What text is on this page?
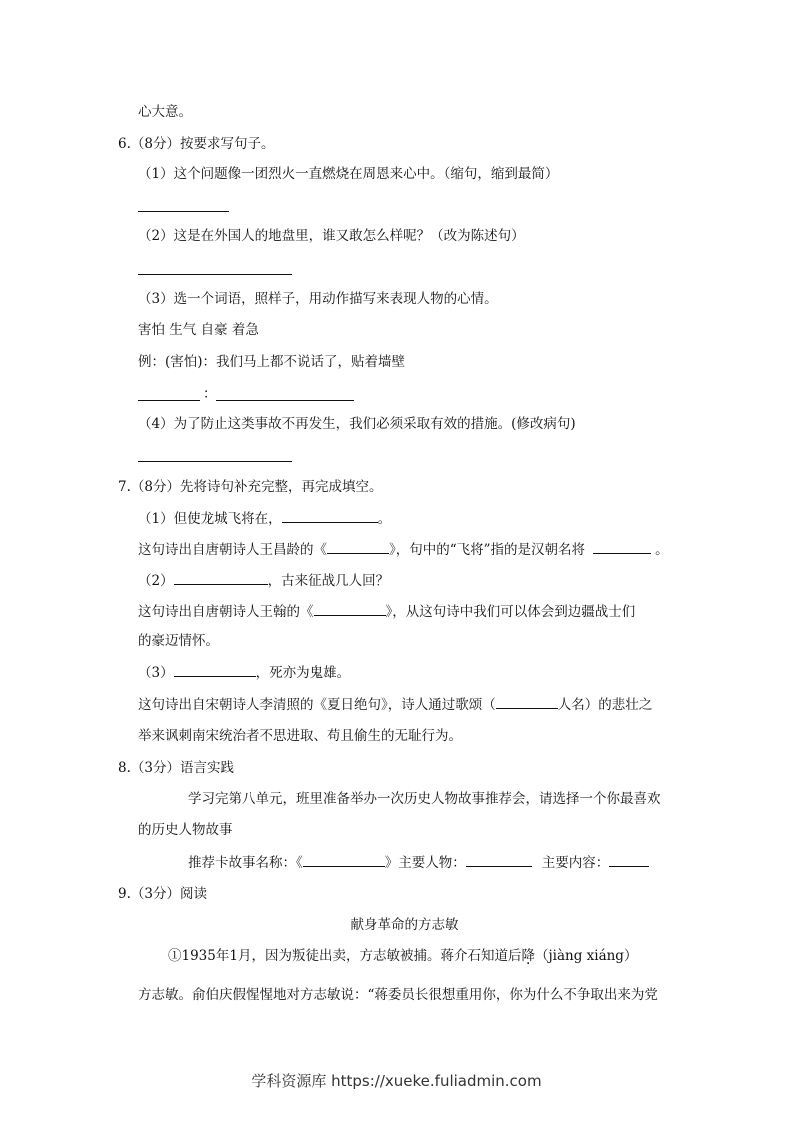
心大意。
6.（8分）按要求写句子。
（1）这个问题像一团烈火一直燃烧在周恩来心中。（缩句，缩到最简）
（2）这是在外国人的地盘里，谁又敢怎么样呢？（改为陈述句）
（3）选一个词语，照样子，用动作描写来表现人物的心情。
害怕 生气 自豪 着急
例：(害怕)：我们马上都不说话了，贴着墙壁
：
（4）为了防止这类事故不再发生，我们必须采取有效的措施。(修改病句)
7.（8分）先将诗句补充完整，再完成填空。
（1）但使龙城飞将在，	。
这句诗出自唐朝诗人王昌龄的《	》，句中的“飞将”指的是汉朝名将	。
（2）	，古来征战几人回？
这句诗出自唐朝诗人王翰的《	》，从这句诗中我们可以体会到边疆战士们
的豪迈情怀。
（3）	，死亦为鬼雄。
这句诗出自宋朝诗人李清照的《夏日绝句》，诗人通过歌颂（	人名）的悲壮之
举来讽刺南宋统治者不思进取、苟且偷生的无耻行为。
8.（3分）语言实践
学习完第八单元，班里准备举办一次历史人物故事推荐会，请选择一个你最喜欢
的历史人物故事
推荐卡故事名称：《	》主要人物：	主要内容：
9.（3分）阅读
献身革命的方志敏
①1935年1月，因为叛徒出卖，方志敏被捕。蒋介石知道后降（jiàng xiáng）
方志敏。俞伯庆假惺惺地对方志敏说：“蒋委员长很想重用你，你为什么不争取出来为党
学科资源库 https://xueke.fuliadmin.com
